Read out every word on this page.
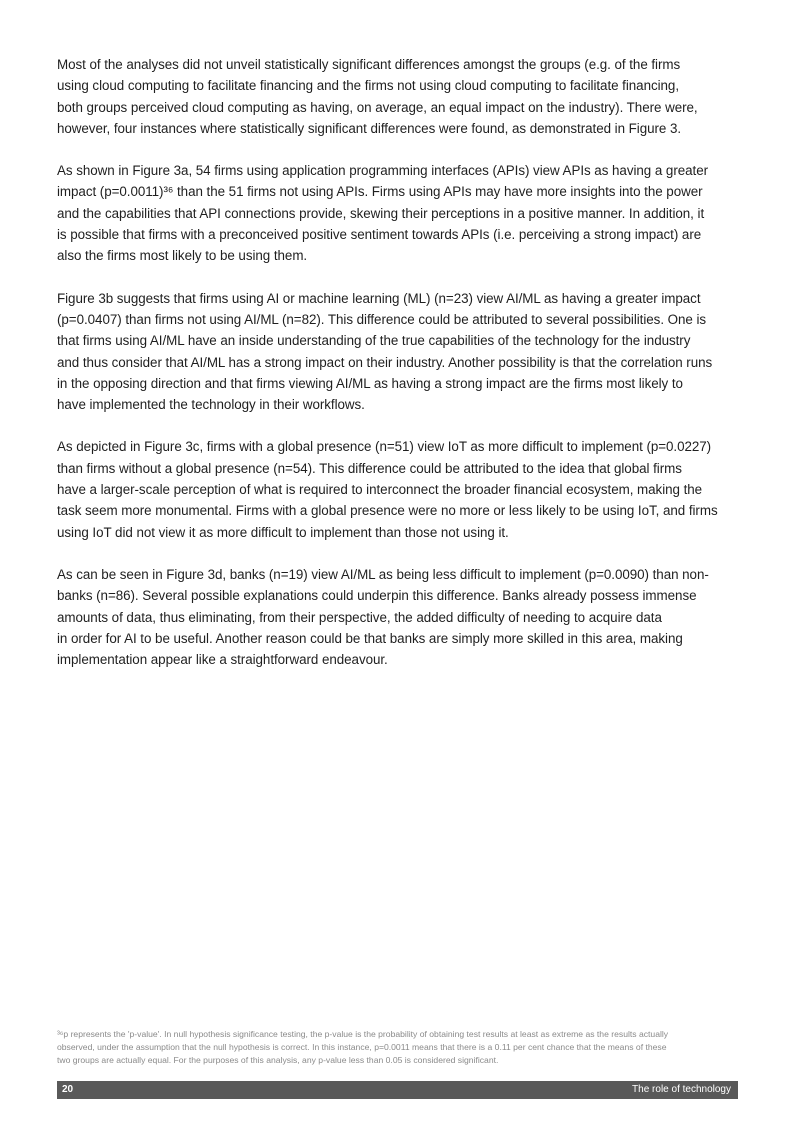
Most of the analyses did not unveil statistically significant differences amongst the groups (e.g. of the firms
using cloud computing to facilitate financing and the firms not using cloud computing to facilitate financing,
both groups perceived cloud computing as having, on average, an equal impact on the industry). There were,
however, four instances where statistically significant differences were found, as demonstrated in Figure 3.

As shown in Figure 3a, 54 firms using application programming interfaces (APIs) view APIs as having a greater
impact (p=0.0011)³⁶ than the 51 firms not using APIs. Firms using APIs may have more insights into the power
and the capabilities that API connections provide, skewing their perceptions in a positive manner. In addition, it
is possible that firms with a preconceived positive sentiment towards APIs (i.e. perceiving a strong impact) are
also the firms most likely to be using them.

Figure 3b suggests that firms using AI or machine learning (ML) (n=23) view AI/ML as having a greater impact
(p=0.0407) than firms not using AI/ML (n=82). This difference could be attributed to several possibilities. One is
that firms using AI/ML have an inside understanding of the true capabilities of the technology for the industry
and thus consider that AI/ML has a strong impact on their industry. Another possibility is that the correlation runs
in the opposing direction and that firms viewing AI/ML as having a strong impact are the firms most likely to
have implemented the technology in their workflows.

As depicted in Figure 3c, firms with a global presence (n=51) view IoT as more difficult to implement (p=0.0227)
than firms without a global presence (n=54). This difference could be attributed to the idea that global firms
have a larger-scale perception of what is required to interconnect the broader financial ecosystem, making the
task seem more monumental. Firms with a global presence were no more or less likely to be using IoT, and firms
using IoT did not view it as more difficult to implement than those not using it.

As can be seen in Figure 3d, banks (n=19) view AI/ML as being less difficult to implement (p=0.0090) than non-
banks (n=86). Several possible explanations could underpin this difference. Banks already possess immense
amounts of data, thus eliminating, from their perspective, the added difficulty of needing to acquire data
in order for AI to be useful. Another reason could be that banks are simply more skilled in this area, making
implementation appear like a straightforward endeavour.

³⁶p represents the 'p-value'. In null hypothesis significance testing, the p-value is the probability of obtaining test results at least as extreme as the results actually
observed, under the assumption that the null hypothesis is correct. In this instance, p=0.0011 means that there is a 0.11 per cent chance that the means of these
two groups are actually equal. For the purposes of this analysis, any p-value less than 0.05 is considered significant.
20	The role of technology
